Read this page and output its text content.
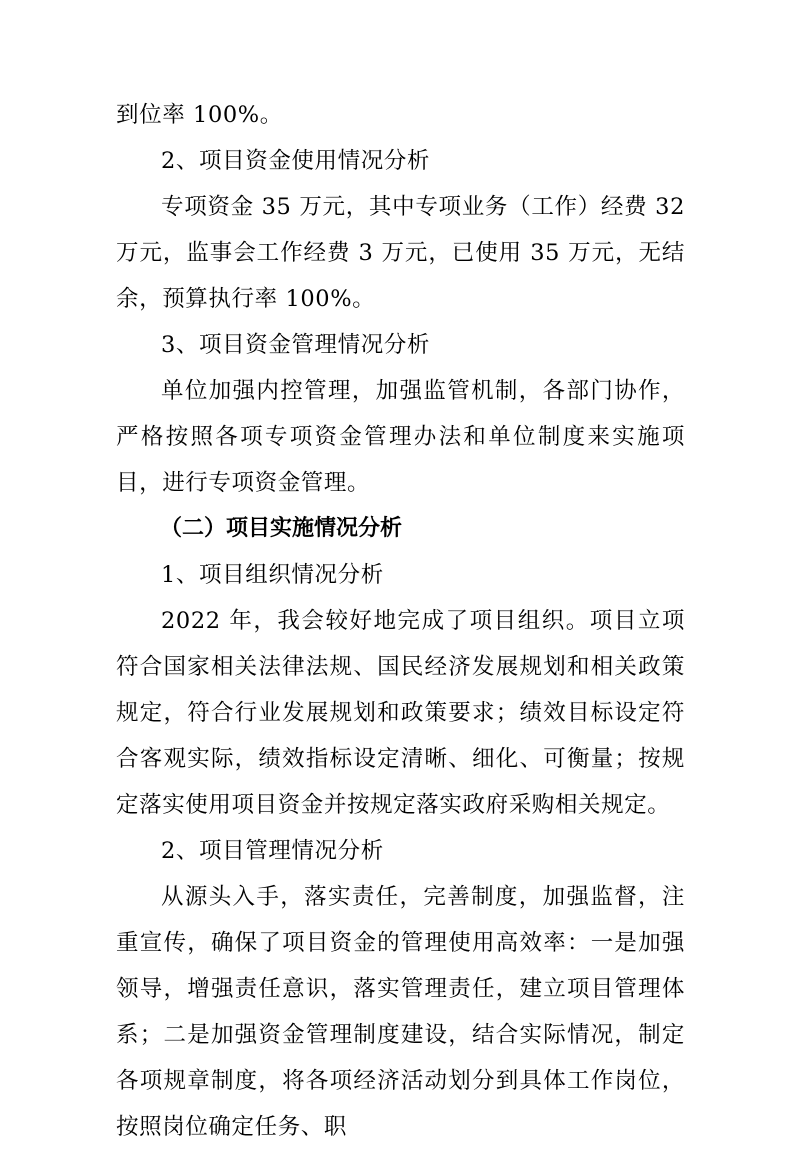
到位率 100%。

2、项目资金使用情况分析

专项资金 35 万元，其中专项业务（工作）经费 32 万元，监事会工作经费 3 万元，已使用 35 万元，无结余，预算执行率 100%。

3、项目资金管理情况分析

单位加强内控管理，加强监管机制，各部门协作，严格按照各项专项资金管理办法和单位制度来实施项目，进行专项资金管理。

（二）项目实施情况分析

1、项目组织情况分析

2022 年，我会较好地完成了项目组织。项目立项符合国家相关法律法规、国民经济发展规划和相关政策规定，符合行业发展规划和政策要求；绩效目标设定符合客观实际，绩效指标设定清晰、细化、可衡量；按规定落实使用项目资金并按规定落实政府采购相关规定。

2、项目管理情况分析

从源头入手，落实责任，完善制度，加强监督，注重宣传，确保了项目资金的管理使用高效率：一是加强领导，增强责任意识，落实管理责任，建立项目管理体系；二是加强资金管理制度建设，结合实际情况，制定各项规章制度，将各项经济活动划分到具体工作岗位，按照岗位确定任务、职
